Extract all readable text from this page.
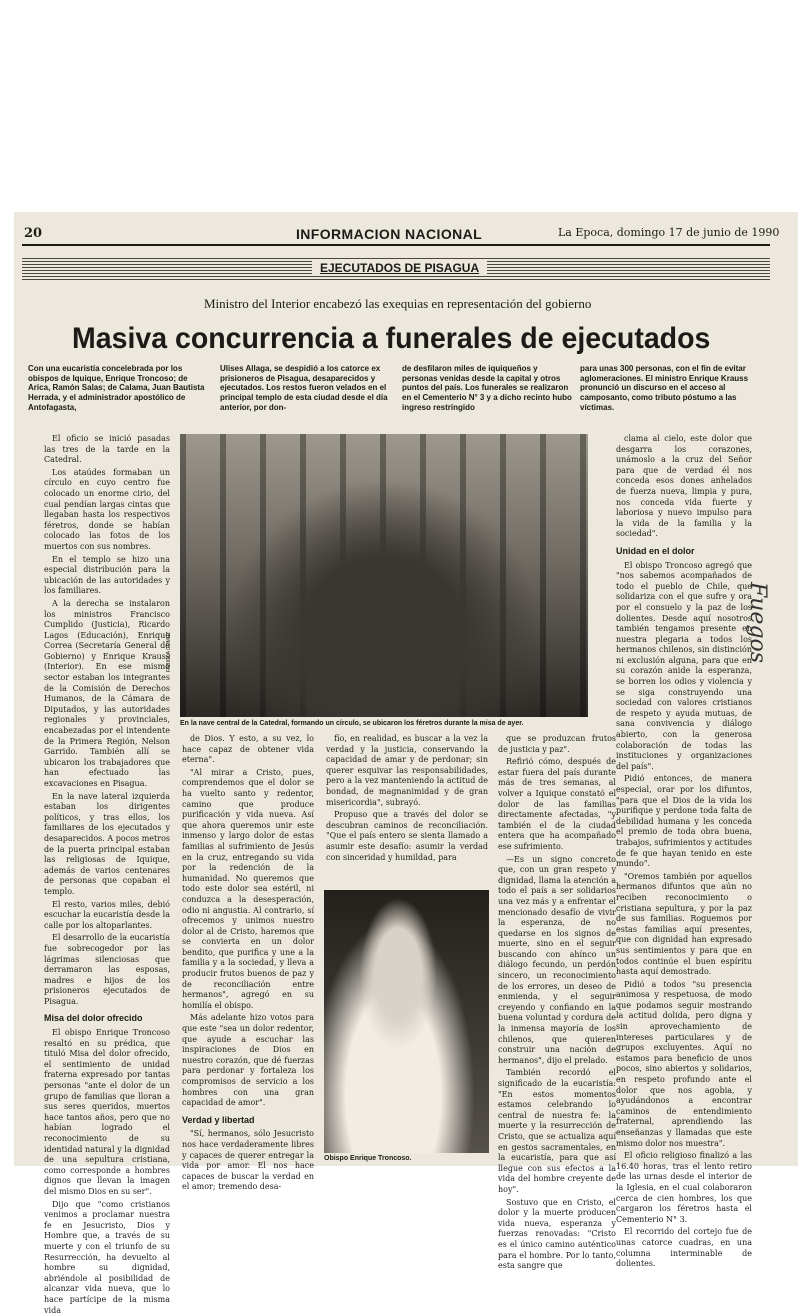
20	INFORMACION NACIONAL	La Epoca, domingo 17 de junio de 1990
EJECUTADOS DE PISAGUA
Ministro del Interior encabezó las exequias en representación del gobierno
Masiva concurrencia a funerales de ejecutados
Con una eucaristía concelebrada por los obispos de Iquique, Enrique Troncoso; de Arica, Ramón Salas; de Calama, Juan Bautista Herrada, y el administrador apostólico de Antofagasta,
Ulises Allaga, se despidió a los catorce ex prisioneros de Pisagua, desaparecidos y ejecutados. Los restos fueron velados en el principal templo de esta ciudad desde el día anterior, por don-
de desfilaron miles de iquiqueños y personas venidas desde la capital y otros puntos del país. Los funerales se realizaron en el Cementerio N° 3 y a dicho recinto hubo ingreso restringido
para unas 300 personas, con el fin de evitar aglomeraciones. El ministro Enrique Krauss pronunció un discurso en el acceso al camposanto, como tributo póstumo a las víctimas.
FABIOLA GOMEZ
En la nave central de la Catedral, formando un círculo, se ubicaron los féretros durante la misa de ayer.

El oficio se inició pasadas las tres de la tarde en la Catedral.

Los ataúdes formaban un círculo en cuyo centro fue colocado un enorme cirio, del cual pendían largas cintas que llegaban hasta los respectivos féretros, donde se habían colocado las fotos de los muertos con sus nombres.

En el templo se hizo una especial distribución para la ubicación de las autoridades y los familiares.

A la derecha se instalaron los ministros Francisco Cumplido (Justicia), Ricardo Lagos (Educación), Enrique Correa (Secretaría General de Gobierno) y Enrique Krauss (Interior). En ese mismo sector estaban los integrantes de la Comisión de Derechos Humanos, de la Cámara de Diputados, y las autoridades regionales y provinciales, encabezadas por el intendente de la Primera Región, Nelson Garrido. También allí se ubicaron los trabajadores que han efectuado las excavaciones en Pisagua.

En la nave lateral izquierda estaban los dirigentes políticos, y tras ellos, los familiares de los ejecutados y desaparecidos. A pocos metros de la puerta principal estaban las religiosas de Iquique, además de varios centenares de personas que copaban el templo.

El resto, varios miles, debió escuchar la eucaristía desde la calle por los altoparlantes.

El desarrollo de la eucaristía fue sobrecogedor por las lágrimas silenciosas que derramaron las esposas, madres e hijos de los prisioneros ejecutados de Pisagua.

Misa del dolor ofrecido

El obispo Enrique Troncoso resaltó en su prédica, que tituló Misa del dolor ofrecido, el sentimiento de unidad fraterna expresado por tantas personas "ante el dolor de un grupo de familias que lloran a sus seres queridos, muertos hace tantos años, pero que no habían logrado el reconocimiento de su identidad natural y la dignidad de una sepultura cristiana, como corresponde a hombres dignos que llevan la imagen del mismo Dios en su ser".

Dijo que "como cristianos venimos a proclamar nuestra fe en Jesucristo, Dios y Hombre que, a través de su muerte y con el triunfo de su Resurrección, ha devuelto al hombre su dignidad, abriéndole al posibilidad de alcanzar vida nueva, que lo hace partícipe de la misma vida

de Dios. Y esto, a su vez, lo hace capaz de obtener vida eterna".

"Al mirar a Cristo, pues, comprendemos que el dolor se ha vuelto santo y redentor, camino que produce purificación y vida nueva. Así que ahora queremos unir este inmenso y largo dolor de estas familias al sufrimiento de Jesús en la cruz, entregando su vida por la redención de la humanidad. No queremos que todo este dolor sea estéril, ni conduzca a la desesperación, odio ni angustia. Al contrario, sí ofrecemos y unimos nuestro dolor al de Cristo, haremos que se convierta en un dolor bendito, que purifica y une a la familia y a la sociedad, y lleva a producir frutos buenos de paz y de reconciliación entre hermanos", agregó en su homilía el obispo.

Más adelante hizo votos para que este "sea un dolor redentor, que ayude a escuchar las inspiraciones de Dios en nuestro corazón, que dé fuerzas para perdonar y fortaleza los compromisos de servicio a los hombres con una gran capacidad de amor".

Verdad y libertad

"Sí, hermanos, sólo Jesucristo nos hace verdaderamente libres y capaces de querer entregar la vida por amor. El nos hace capaces de buscar la verdad en el amor; tremendo desa-

fío, en realidad, es buscar a la vez la verdad y la justicia, conservando la capacidad de amar y de perdonar; sin querer esquivar las responsabilidades, pero a la vez manteniendo la actitud de bondad, de magnanimidad y de gran misericordia", subrayó.

Propuso que a través del dolor se descubran caminos de reconciliación. "Que el país entero se sienta llamado a asumir este desafío: asumir la verdad con sinceridad y humildad, para

Obispo Enrique Troncoso.

que se produzcan frutos de justicia y paz".

Refirió cómo, después de estar fuera del país durante más de tres semanas, al volver a Iquique constató el dolor de las familias directamente afectadas, "y también el de la ciudad entera que ha acompañado ese sufrimiento.

—Es un signo concreto que, con un gran respeto y dignidad, llama la atención a todo el país a ser solidarios una vez más y a enfrentar el mencionado desafío de vivir la esperanza, de no quedarse en los signos de muerte, sino en el seguir buscando con ahínco un diálogo fecundo, un perdón sincero, un reconocimiento de los errores, un deseo de enmienda, y el seguir creyendo y confiando en la buena voluntad y cordura de la inmensa mayoría de los chilenos, que quieren construir una nación de hermanos", dijo el prelado.

También recordó el significado de la eucaristía: "En estos momentos estamos celebrando lo central de nuestra fe: la muerte y la resurrección de Cristo, que se actualiza aquí en gestos sacramentales, en la eucaristía, para que así llegue con sus efectos a la vida del hombre creyente de hoy".

Sostuvo que en Cristo, el dolor y la muerte producen vida nueva, esperanza y fuerzas renovadas: "Cristo es el único camino auténtico para el hombre. Por lo tanto, esta sangre que

clama al cielo, este dolor que desgarra los corazones, unámoslo a la cruz del Señor para que de verdad él nos conceda esos dones anhelados de fuerza nueva, limpia y pura, nos conceda vida fuerte y laboriosa y nuevo impulso para la vida de la familia y la sociedad".

Unidad en el dolor

El obispo Troncoso agregó que "nos sabemos acompañados de todo el pueblo de Chile, que solidariza con el que sufre y ora por el consuelo y la paz de los dolientes. Desde aquí nosotros también tengamos presente en nuestra plegaria a todos los hermanos chilenos, sin distinción ni exclusión alguna, para que en su corazón anide la esperanza, se borren los odios y violencia y se siga construyendo una sociedad con valores cristianos de respeto y ayuda mutuas, de sana convivencia y diálogo abierto, con la generosa colaboración de todas las instituciones y organizaciones del país".

Pidió entonces, de manera especial, orar por los difuntos, "para que el Dios de la vida los purifique y perdone toda falta de debilidad humana y les conceda el premio de toda obra buena, trabajos, sufrimientos y actitudes de fe que hayan tenido en este mundo".

"Oremos también por aquellos hermanos difuntos que aún no reciben reconocimiento o cristiana sepultura, y por la paz de sus familias. Roguemos por estas familias aquí presentes, que con dignidad han expresado sus sentimientos y para que en todos continúe el buen espíritu hasta aquí demostrado.

Pidió a todos "su presencia animosa y respetuosa, de modo que podamos seguir mostrando la actitud dolida, pero digna y sin aprovechamiento de intereses particulares y de grupos excluyentes. Aquí no estamos para beneficio de unos pocos, sino abiertos y solidarios, en respeto profundo ante el dolor que nos agobia, y ayudándonos a encontrar caminos de entendimiento fraternal, aprendiendo las enseñanzas y llamadas que este mismo dolor nos muestra".

El oficio religioso finalizó a las 16.40 horas, tras el lento retiro de las urnas desde el interior de la Iglesia, en el cual colaboraron cerca de cien hombres, los que cargaron los féretros hasta el Cementerio N° 3.

El recorrido del cortejo fue de unas catorce cuadras, en una columna interminable de dolientes.

Fuegos
